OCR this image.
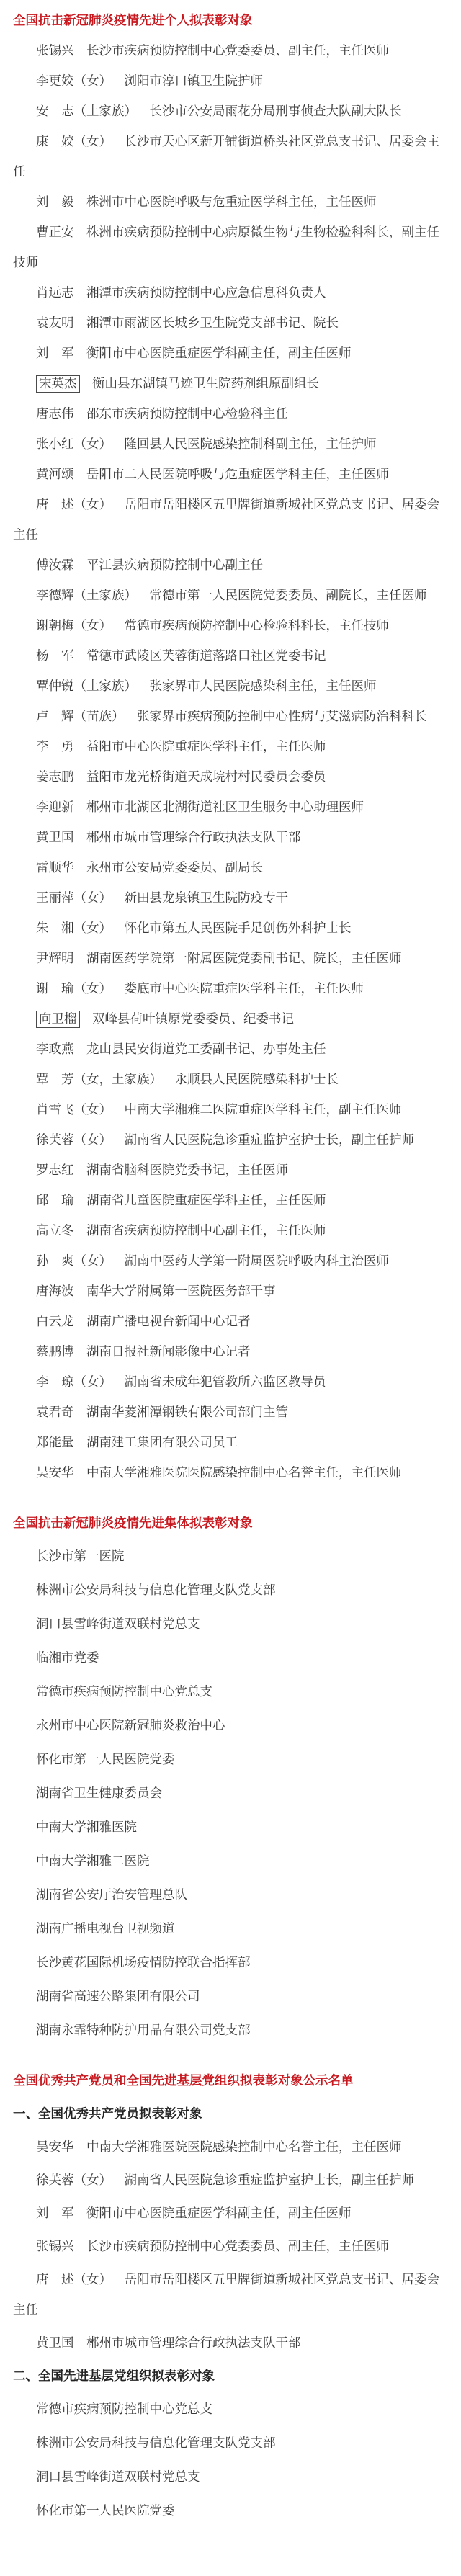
全国抗击新冠肺炎疫情先进个人拟表彰对象

张锡兴 长沙市疾病预防控制中心党委委员、副主任，主任医师

李更姣（女） 浏阳市淳口镇卫生院护师

安　志（土家族） 长沙市公安局雨花分局刑事侦查大队副大队长

康　姣（女） 长沙市天心区新开铺街道桥头社区党总支书记、居委会主任

刘　毅 株洲市中心医院呼吸与危重症医学科主任，主任医师

曹正安 株洲市疾病预防控制中心病原微生物与生物检验科科长，副主任技师

肖远志 湘潭市疾病预防控制中心应急信息科负责人

袁友明 湘潭市雨湖区长城乡卫生院党支部书记、院长

刘　军 衡阳市中心医院重症医学科副主任，副主任医师

宋英杰 衡山县东湖镇马迹卫生院药剂组原副组长

唐志伟 邵东市疾病预防控制中心检验科主任

张小红（女） 隆回县人民医院感染控制科副主任，主任护师

黄河颂 岳阳市二人民医院呼吸与危重症医学科主任，主任医师

唐　述（女） 岳阳市岳阳楼区五里牌街道新城社区党总支书记、居委会主任

傅汝霖 平江县疾病预防控制中心副主任

李德辉（土家族） 常德市第一人民医院党委委员、副院长，主任医师

谢朝梅（女） 常德市疾病预防控制中心检验科科长，主任技师

杨　军 常德市武陵区芙蓉街道落路口社区党委书记

覃仲锐（土家族） 张家界市人民医院感染科主任，主任医师

卢　辉（苗族） 张家界市疾病预防控制中心性病与艾滋病防治科科长

李　勇 益阳市中心医院重症医学科主任，主任医师

姜志鹏 益阳市龙光桥街道天成垸村村民委员会委员

李迎新 郴州市北湖区北湖街道社区卫生服务中心助理医师

黄卫国 郴州市城市管理综合行政执法支队干部

雷顺华 永州市公安局党委委员、副局长

王丽萍（女） 新田县龙泉镇卫生院防疫专干

朱　湘（女） 怀化市第五人民医院手足创伤外科护士长

尹辉明 湖南医药学院第一附属医院党委副书记、院长，主任医师

谢　瑜（女） 娄底市中心医院重症医学科主任，主任医师

向卫榴 双峰县荷叶镇原党委委员、纪委书记

李政燕 龙山县民安街道党工委副书记、办事处主任

覃　芳（女，土家族） 永顺县人民医院感染科护士长

肖雪飞（女） 中南大学湘雅二医院重症医学科主任，副主任医师

徐芙蓉（女） 湖南省人民医院急诊重症监护室护士长，副主任护师

罗志红 湖南省脑科医院党委书记，主任医师

邱　瑜 湖南省儿童医院重症医学科主任，主任医师

高立冬 湖南省疾病预防控制中心副主任，主任医师

孙　爽（女） 湖南中医药大学第一附属医院呼吸内科主治医师

唐海波 南华大学附属第一医院医务部干事

白云龙 湖南广播电视台新闻中心记者

蔡鹏博 湖南日报社新闻影像中心记者

李　琼（女） 湖南省未成年犯管教所六监区教导员

袁君奇 湖南华菱湘潭钢铁有限公司部门主管

郑能量 湖南建工集团有限公司员工

吴安华 中南大学湘雅医院医院感染控制中心名誉主任，主任医师

全国抗击新冠肺炎疫情先进集体拟表彰对象

长沙市第一医院

株洲市公安局科技与信息化管理支队党支部

洞口县雪峰街道双联村党总支

临湘市党委

常德市疾病预防控制中心党总支

永州市中心医院新冠肺炎救治中心

怀化市第一人民医院党委

湖南省卫生健康委员会

中南大学湘雅医院

中南大学湘雅二医院

湖南省公安厅治安管理总队

湖南广播电视台卫视频道

长沙黄花国际机场疫情防控联合指挥部

湖南省高速公路集团有限公司

湖南永霏特种防护用品有限公司党支部

全国优秀共产党员和全国先进基层党组织拟表彰对象公示名单
一、全国优秀共产党员拟表彰对象

吴安华 中南大学湘雅医院医院感染控制中心名誉主任，主任医师

徐芙蓉（女） 湖南省人民医院急诊重症监护室护士长，副主任护师

刘　军 衡阳市中心医院重症医学科副主任，副主任医师

张锡兴 长沙市疾病预防控制中心党委委员、副主任，主任医师

唐　述（女） 岳阳市岳阳楼区五里牌街道新城社区党总支书记、居委会主任

黄卫国 郴州市城市管理综合行政执法支队干部

二、全国先进基层党组织拟表彰对象

常德市疾病预防控制中心党总支

株洲市公安局科技与信息化管理支队党支部

洞口县雪峰街道双联村党总支

怀化市第一人民医院党委
